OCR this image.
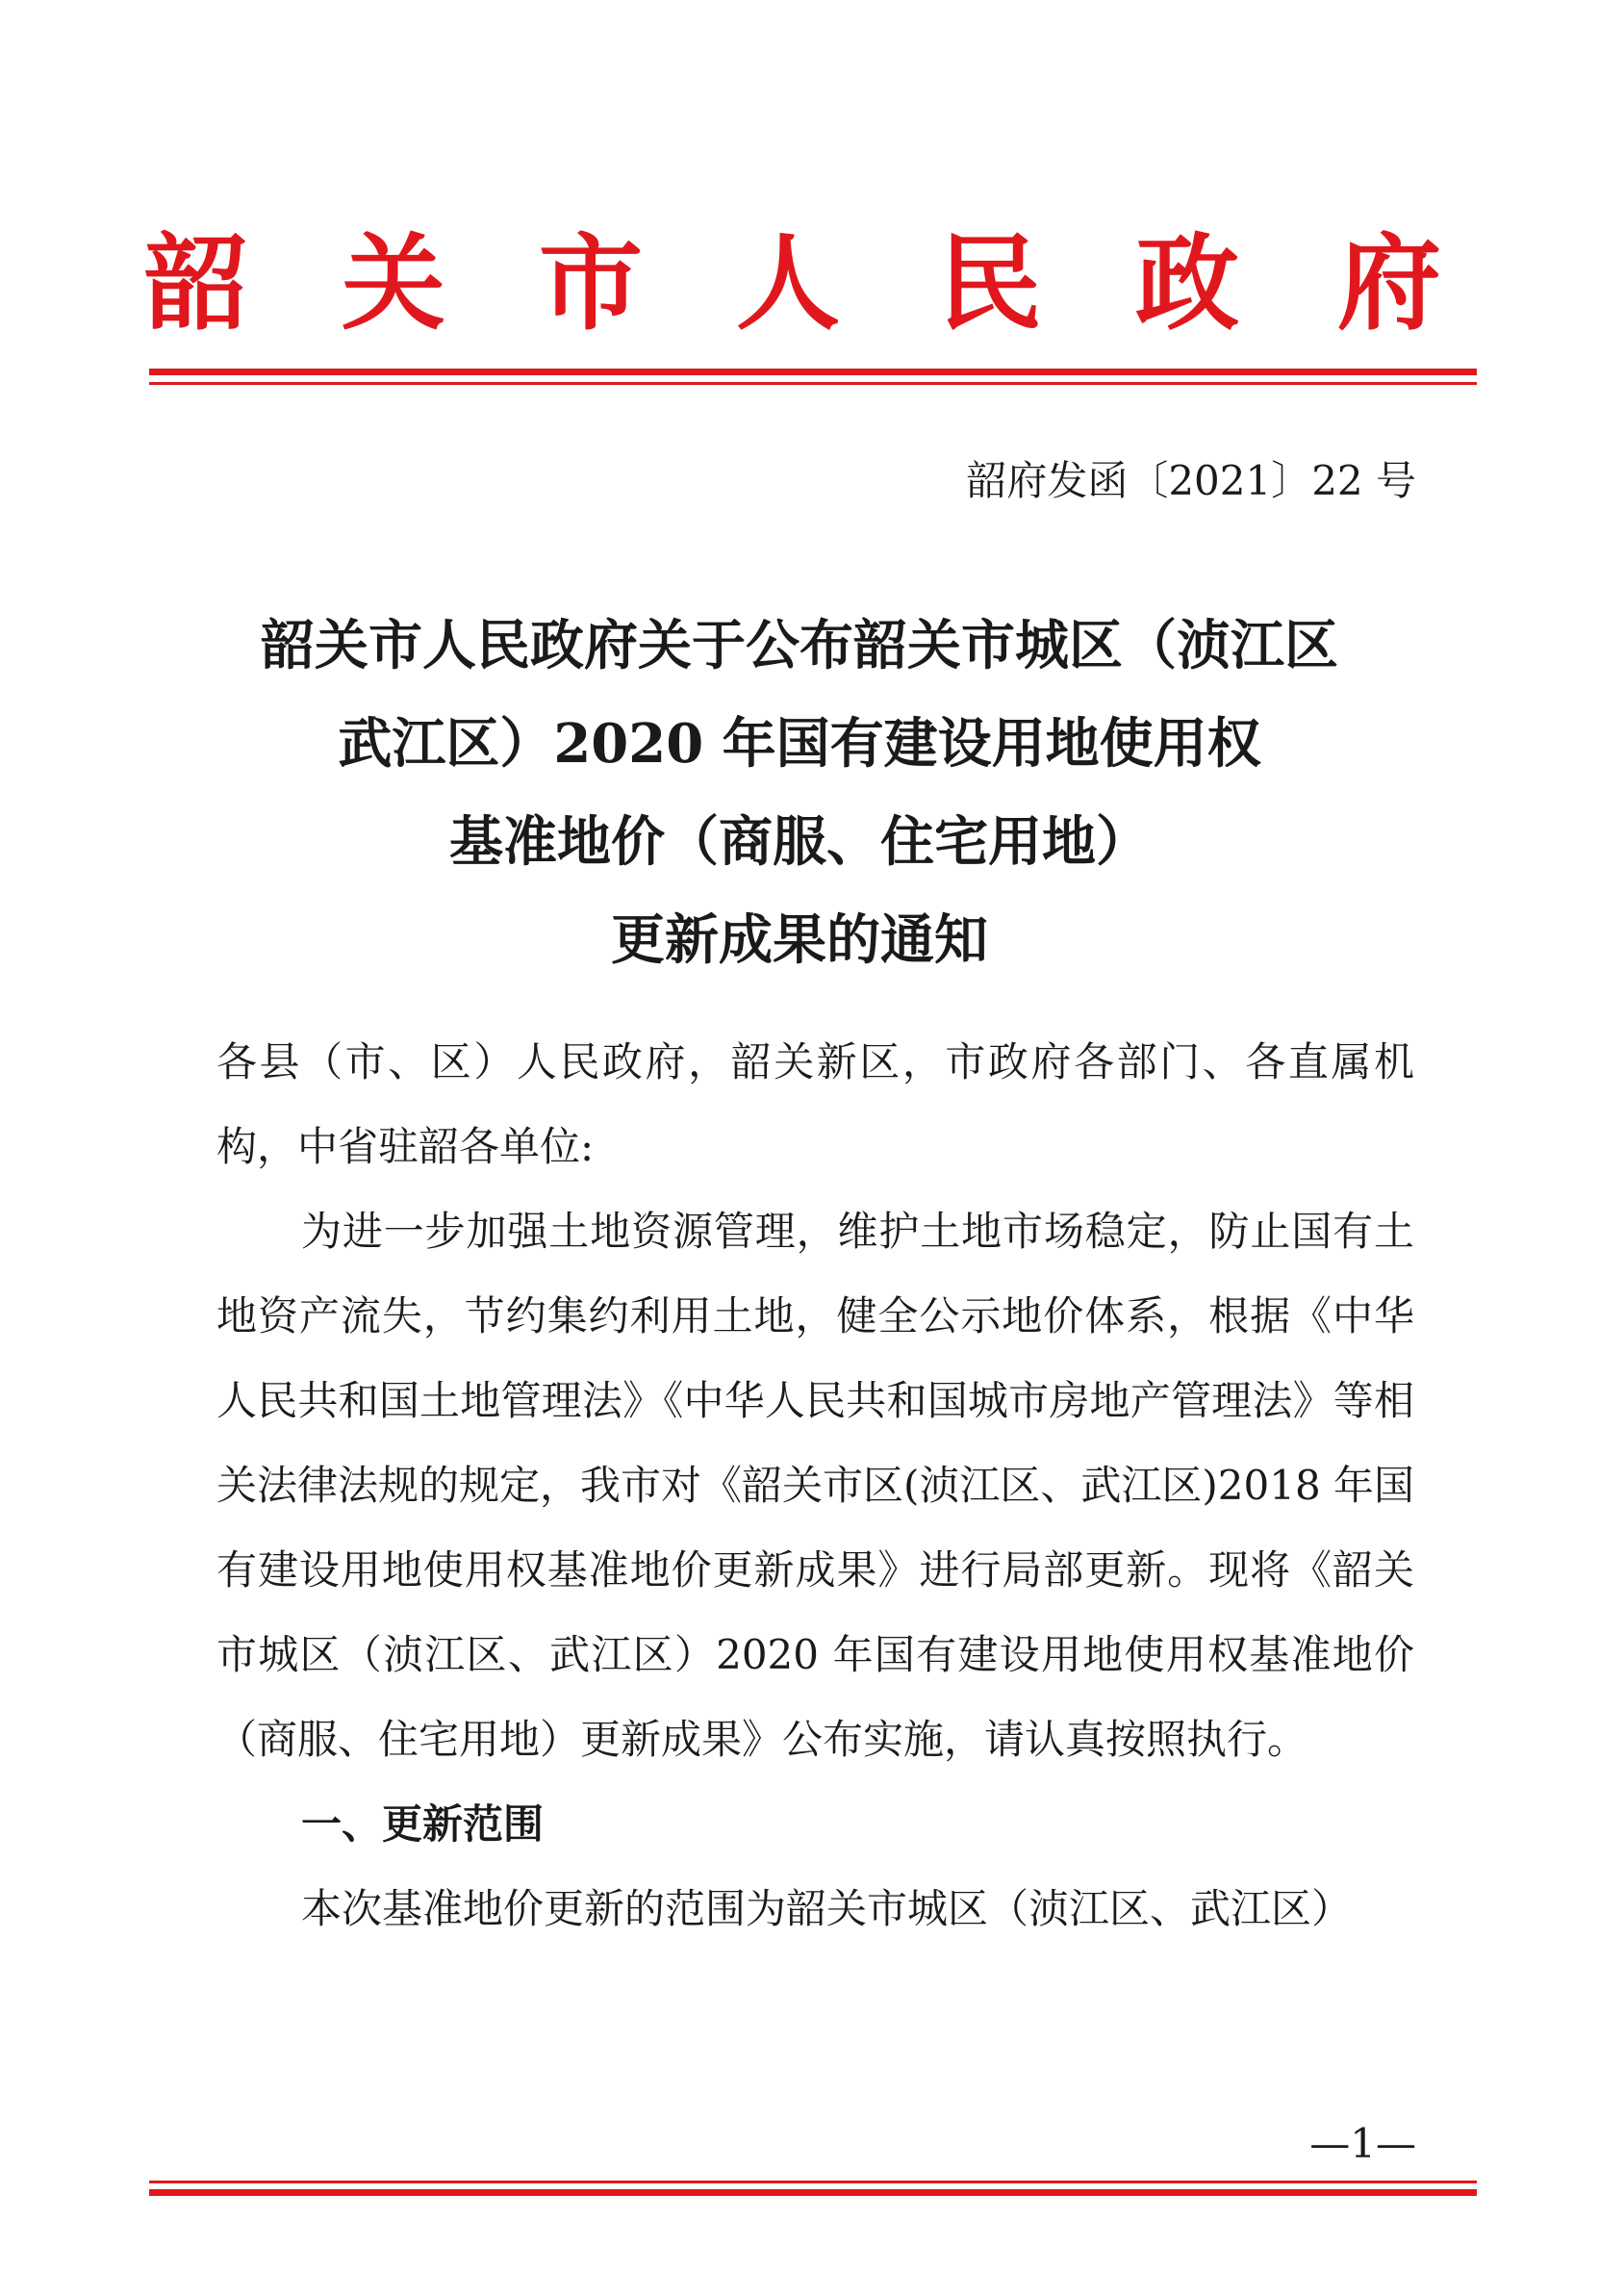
韶 关 市 人 民 政 府
韶府发函〔2021〕22 号
韶关市人民政府关于公布韶关市城区（浈江区
武江区）2020 年国有建设用地使用权
基准地价（商服、住宅用地）
更新成果的通知

各县（市、区）人民政府，韶关新区，市政府各部门、各直属机构，中省驻韶各单位:

为进一步加强土地资源管理，维护土地市场稳定，防止国有土地资产流失，节约集约利用土地，健全公示地价体系，根据《中华人民共和国土地管理法》《中华人民共和国城市房地产管理法》等相关法律法规的规定，我市对《韶关市区(浈江区、武江区)2018 年国有建设用地使用权基准地价更新成果》进行局部更新。现将《韶关市城区（浈江区、武江区）2020 年国有建设用地使用权基准地价（商服、住宅用地）更新成果》公布实施，请认真按照执行。

一、更新范围

本次基准地价更新的范围为韶关市城区（浈江区、武江区）

—1—
